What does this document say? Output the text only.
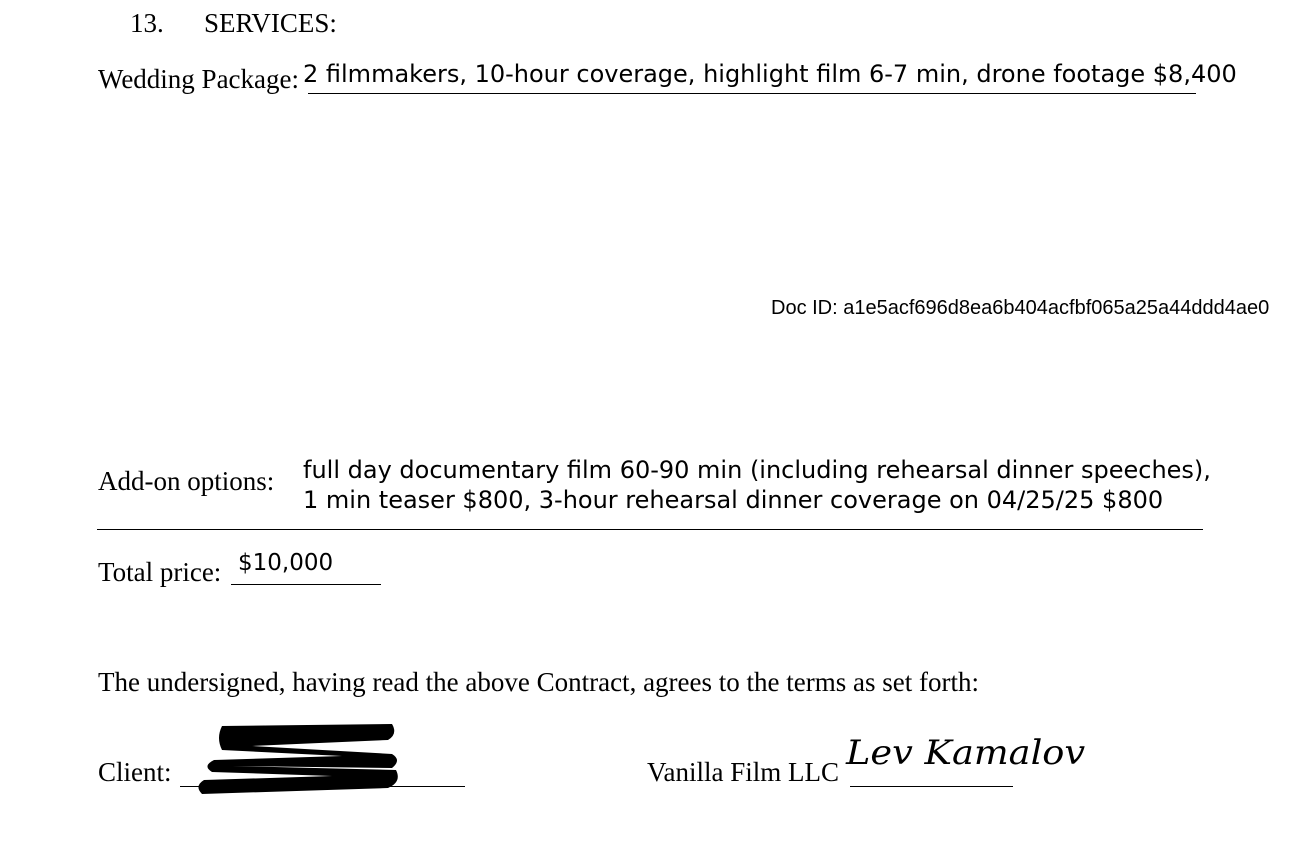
13. SERVICES:
Wedding Package: 2 filmmakers, 10-hour coverage, highlight film 6-7 min, drone footage $8,400
Doc ID: a1e5acf696d8ea6b404acfbf065a25a44ddd4ae0
Add-on options: full day documentary film 60-90 min (including rehearsal dinner speeches),
1 min teaser $800, 3-hour rehearsal dinner coverage on 04/25/25 $800
Total price: $10,000
The undersigned, having read the above Contract, agrees to the terms as set forth:
Client:	Vanilla Film LLC Lev Kamalov
